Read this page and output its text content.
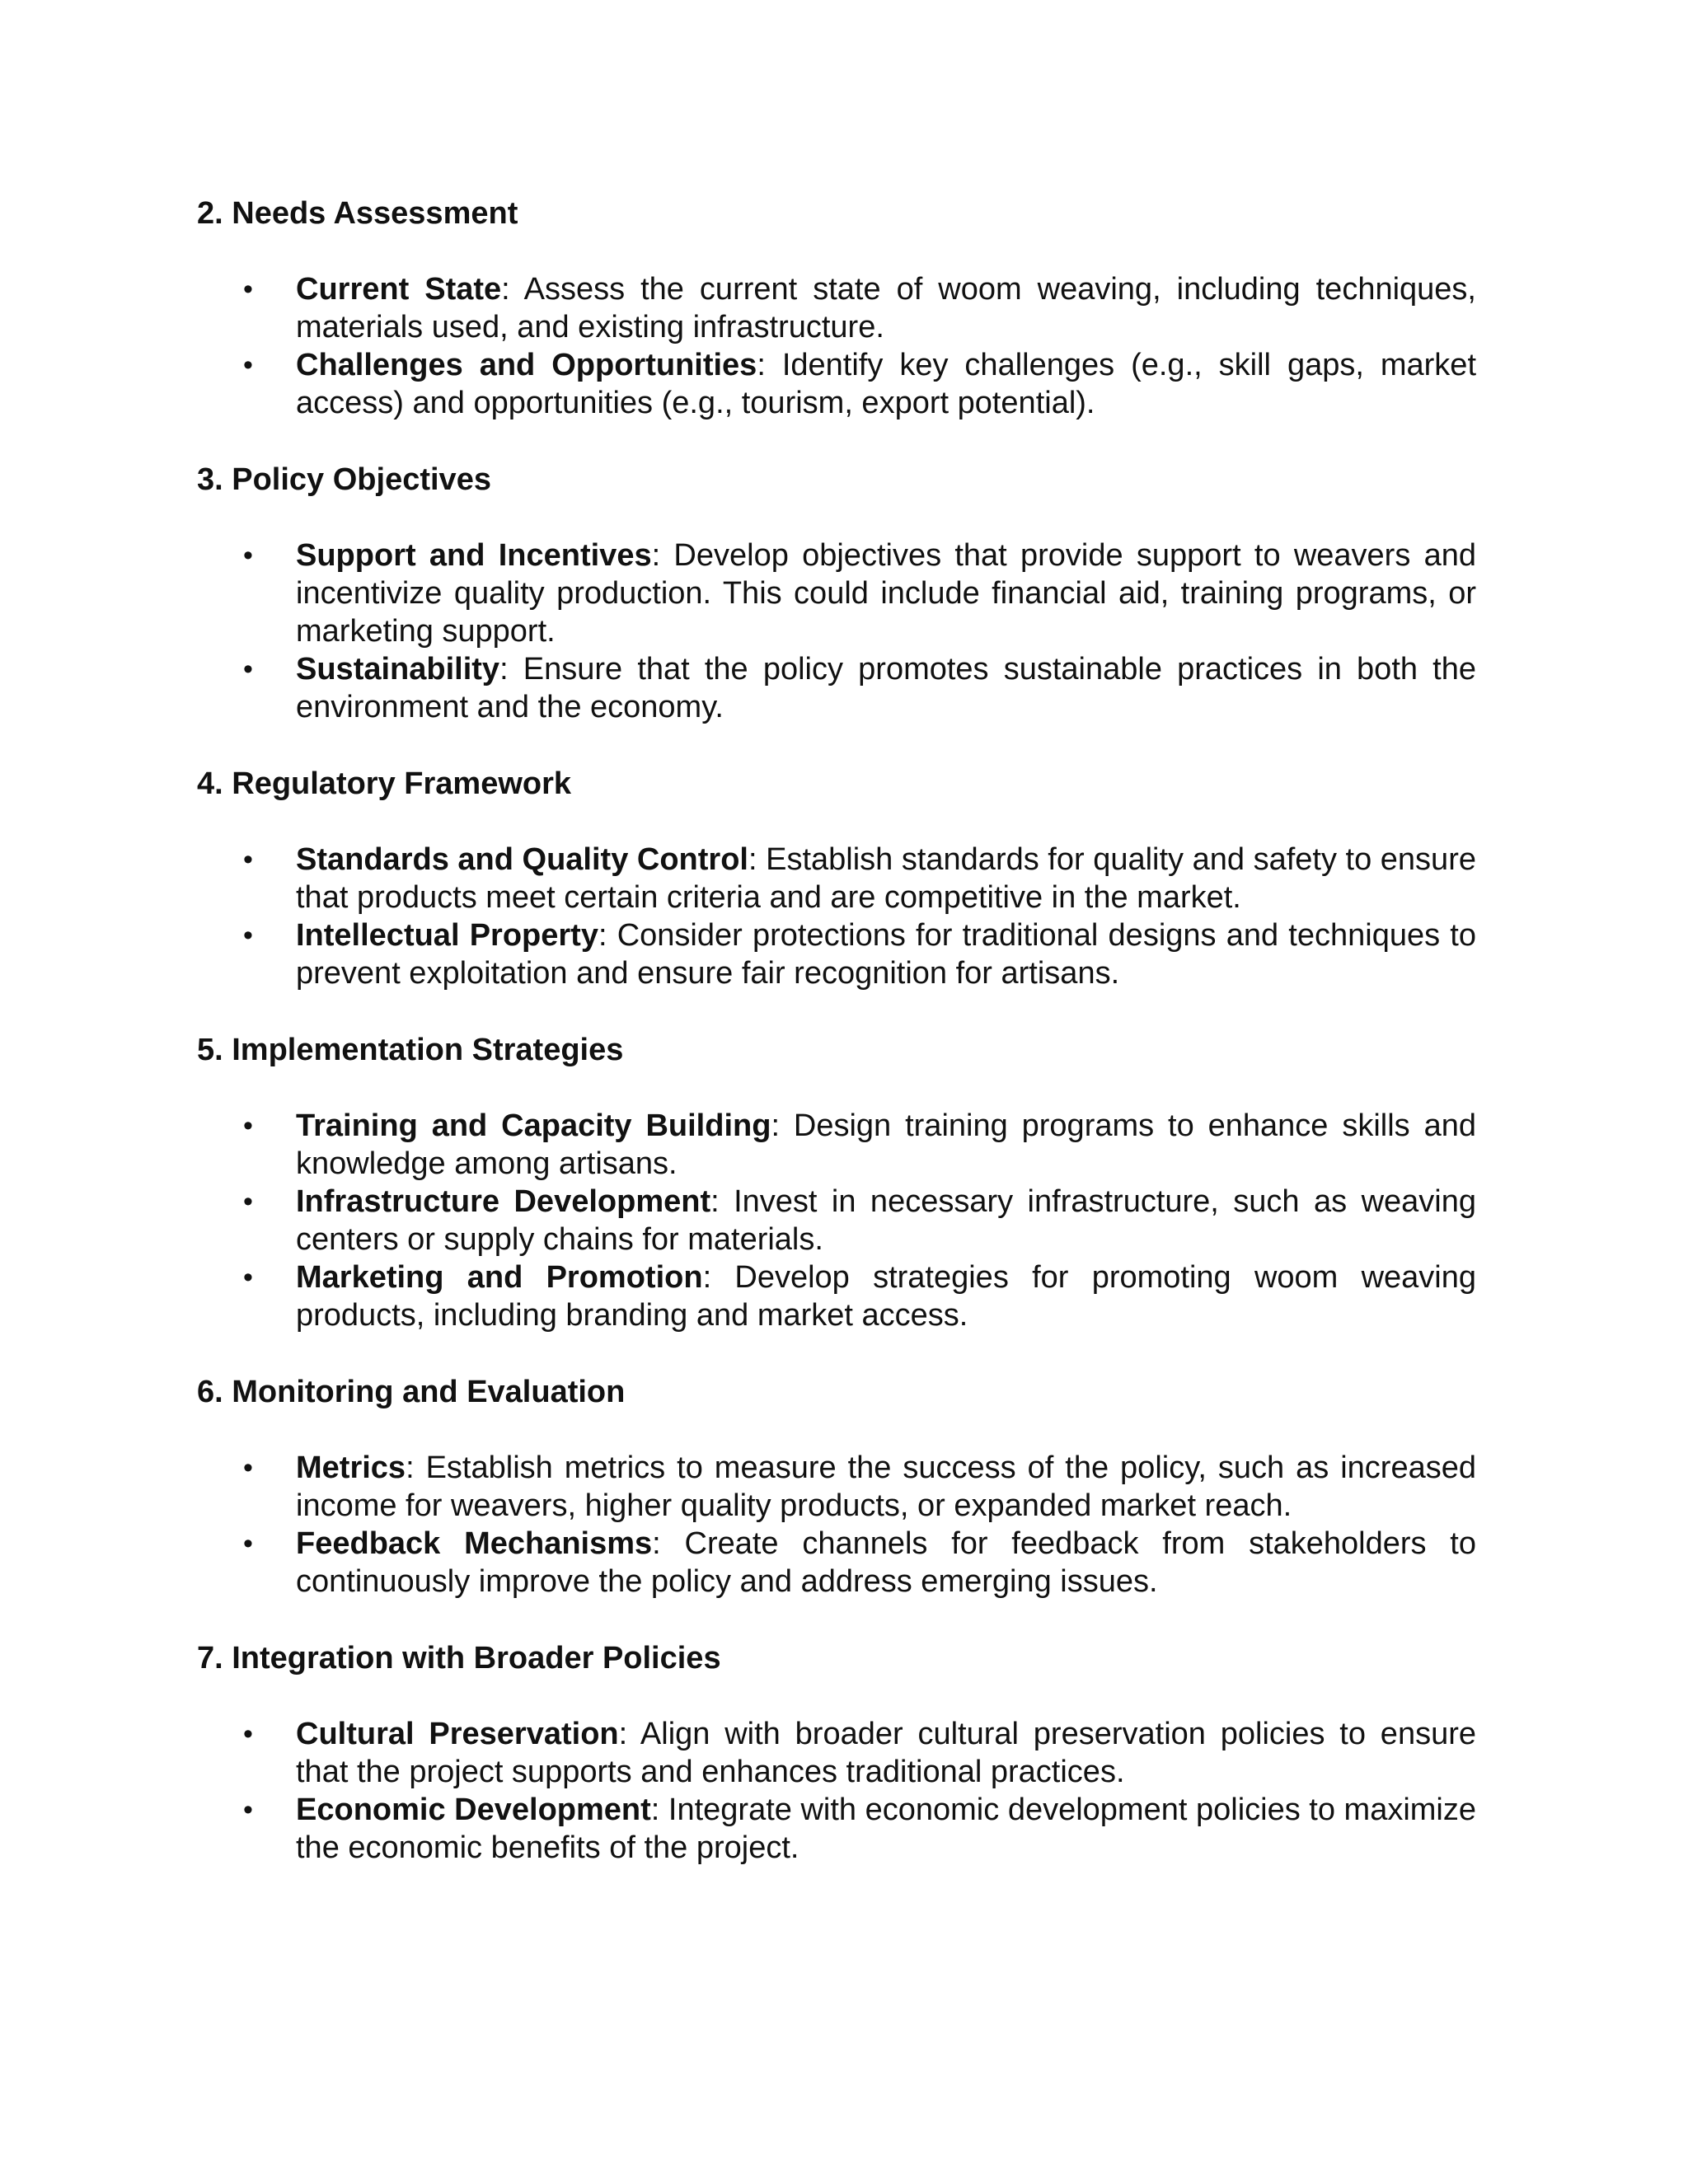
2. Needs Assessment
• Current State: Assess the current state of woom weaving, including techniques, materials used, and existing infrastructure.
• Challenges and Opportunities: Identify key challenges (e.g., skill gaps, market access) and opportunities (e.g., tourism, export potential).
3. Policy Objectives
• Support and Incentives: Develop objectives that provide support to weavers and incentivize quality production. This could include financial aid, training programs, or marketing support.
• Sustainability: Ensure that the policy promotes sustainable practices in both the environment and the economy.
4. Regulatory Framework
• Standards and Quality Control: Establish standards for quality and safety to ensure that products meet certain criteria and are competitive in the market.
• Intellectual Property: Consider protections for traditional designs and techniques to prevent exploitation and ensure fair recognition for artisans.
5. Implementation Strategies
• Training and Capacity Building: Design training programs to enhance skills and knowledge among artisans.
• Infrastructure Development: Invest in necessary infrastructure, such as weaving centers or supply chains for materials.
• Marketing and Promotion: Develop strategies for promoting woom weaving products, including branding and market access.
6. Monitoring and Evaluation
• Metrics: Establish metrics to measure the success of the policy, such as increased income for weavers, higher quality products, or expanded market reach.
• Feedback Mechanisms: Create channels for feedback from stakeholders to continuously improve the policy and address emerging issues.
7. Integration with Broader Policies
• Cultural Preservation: Align with broader cultural preservation policies to ensure that the project supports and enhances traditional practices.
• Economic Development: Integrate with economic development policies to maximize the economic benefits of the project.
